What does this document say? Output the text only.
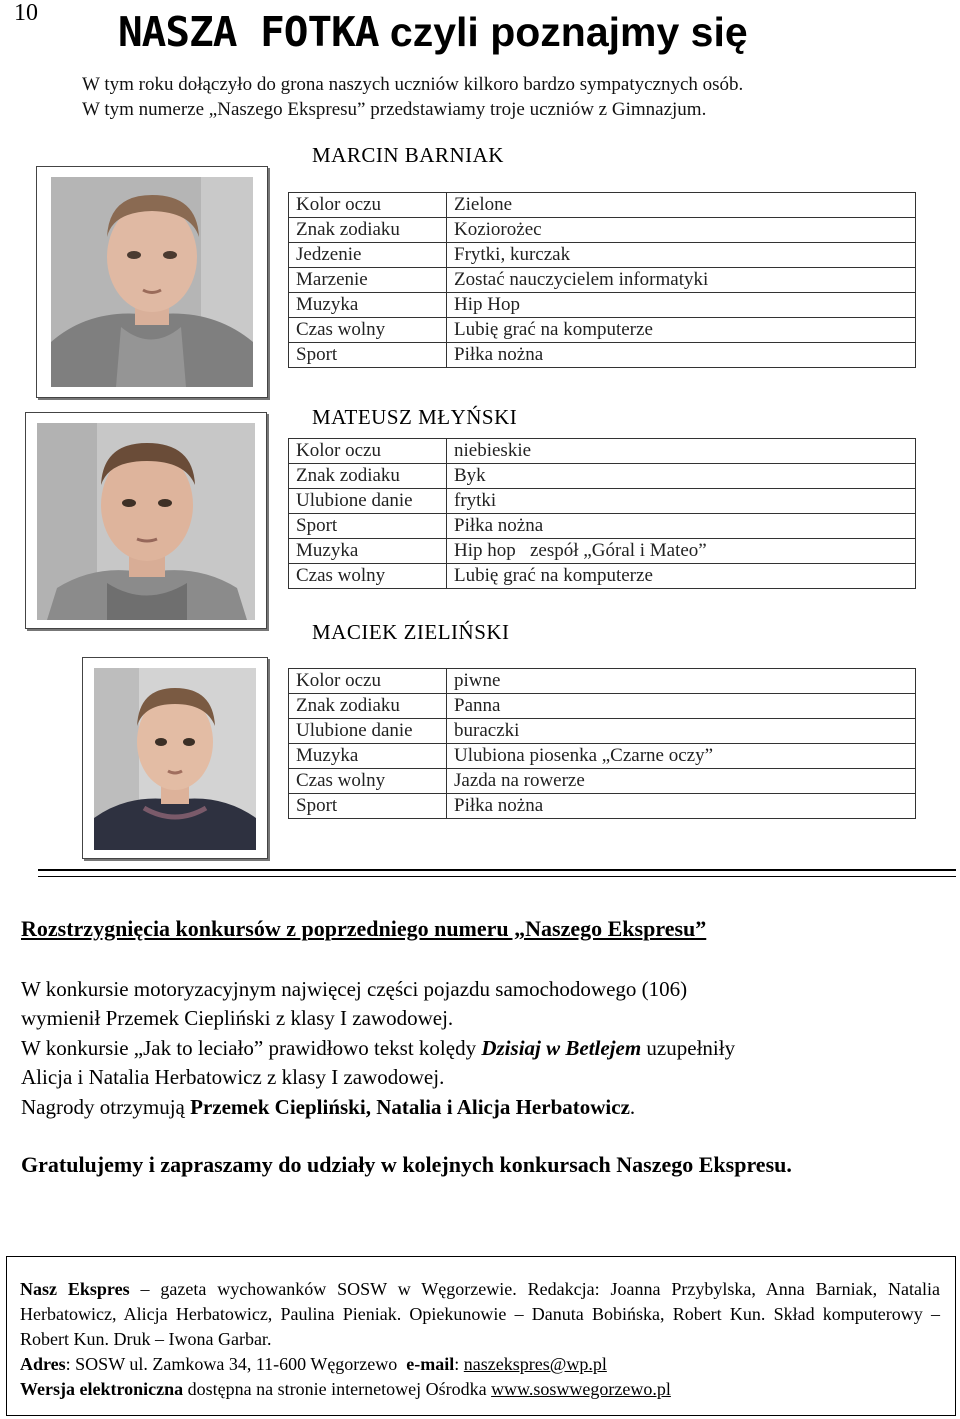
10 NASZA FOTKA czyli poznajmy się
W tym roku dołączyło do grona naszych uczniów kilkoro bardzo sympatycznych osób.
W tym numerze „Naszego Ekspresu” przedstawiamy troje uczniów z Gimnazjum.
MARCIN BARNIAK
Kolor oczu	Zielone
Znak zodiaku	Koziorożec
Jedzenie	Frytki, kurczak
Marzenie	Zostać nauczycielem informatyki
Muzyka	Hip Hop
Czas wolny	Lubię grać na komputerze
Sport	Piłka nożna
MATEUSZ MŁYŃSKI
Kolor oczu	niebieskie
Znak zodiaku	Byk
Ulubione danie	frytki
Sport	Piłka nożna
Muzyka	Hip hop   zespół „Góral i Mateo”
Czas wolny	Lubię grać na komputerze
MACIEK ZIELIŃSKI
Kolor oczu	piwne
Znak zodiaku	Panna
Ulubione danie	buraczki
Muzyka	Ulubiona piosenka „Czarne oczy”
Czas wolny	Jazda na rowerze
Sport	Piłka nożna
Rozstrzygnięcia konkursów z poprzedniego numeru „Naszego Ekspresu”
W konkursie motoryzacyjnym najwięcej części pojazdu samochodowego (106)
wymienił Przemek Ciepliński z klasy I zawodowej.
W konkursie „Jak to leciało” prawidłowo tekst kolędy Dzisiaj w Betlejem uzupełniły
Alicja i Natalia Herbatowicz z klasy I zawodowej.
Nagrody otrzymują Przemek Ciepliński, Natalia i Alicja Herbatowicz.
Gratulujemy i zapraszamy do udziały w kolejnych konkursach Naszego Ekspresu.
Nasz Ekspres – gazeta wychowanków SOSW w Węgorzewie. Redakcja: Joanna Przybylska, Anna Barniak, Natalia Herbatowicz, Alicja Herbatowicz, Paulina Pieniak. Opiekunowie – Danuta Bobińska, Robert Kun. Skład komputerowy – Robert Kun. Druk – Iwona Garbar.
Adres: SOSW ul. Zamkowa 34, 11-600 Węgorzewo  e-mail: naszekspres@wp.pl
Wersja elektroniczna dostępna na stronie internetowej Ośrodka www.soswwegorzewo.pl
